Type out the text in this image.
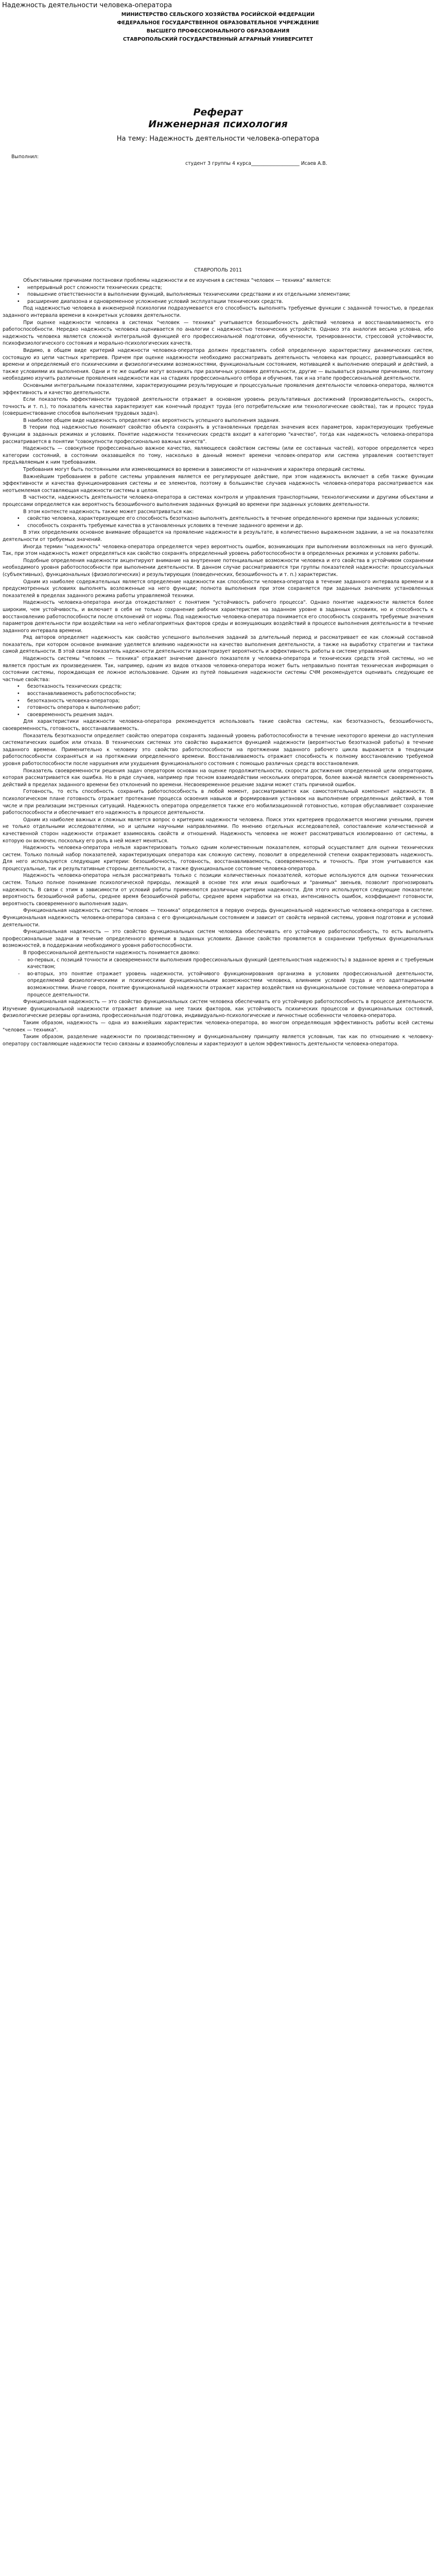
Надежность деятельности человека-оператора
МИНИСТЕРСТВО СЕЛЬСКОГО ХОЗЯЙСТВА РОСИЙСКОЙ ФЕДЕРАЦИИ
ФЕДЕРАЛЬНОЕ ГОСУДАРСТВЕННОЕ ОБРАЗОВАТЕЛЬНОЕ УЧРЕЖДЕНИЕ
ВЫСШЕГО ПРОФЕССИОНАЛЬНОГО ОБРАЗОВАНИЯ
СТАВРОПОЛЬСКИЙ ГОСУДАРСТВЕННЫЙ АГРАРНЫЙ УНИВЕРСИТЕТ
Реферат
Инженерная психология
На тему: Надежность деятельности человека-оператора
Выполнил:
студент 3 группы 4 курса____________________ Исаев А.В.
СТАВРОПОЛЬ 2011

Объективными причинами постановки проблемы надежности и ее изучения в системах "человек — техника" является:

• непрерывный рост сложности технических средств;

• повышение ответственности в выполнении функций, выполняемых техническими средствами и их отдельными элементами;

• расширение диапазона и одновременное усложнение условий эксплуатации технических средств.

Под надежностью человека в инженерной психологии подразумевается его способность выполнять требуемые функции с заданной точностью, в пределах заданного интервала времени в конкретных условиях деятельности.

При оценке надежности человека в системах "человек — техника" учитывается безошибочность действий человека и восстанавливаемость его работоспособности. Нередко надежность человека оценивается по аналогии с надежностью технических устройств. Однако эта аналогия весьма условна, ибо надежность человека является сложной интегральной функцией его профессиональной подготовки, обученности, тренированности, стрессовой устойчивости, психофизиологического состояния и морально-психологических качеств.

Видимо, в общем виде критерий надежности человека-оператора должен представлять собой определенную характеристику динамических систем, состоящую из цепи частных критериев. Причем при оценке надежности необходимо рассматривать деятельность человека как процесс, развертывающийся во времени и определяемый его психическими и физиологическими возможностями, функциональным состоянием, мотивацией к выполнению операций и действий, а также условиями их выполнения. Одни и те же ошибки могут возникать при различных условиях деятельности, другие — вызываться разными причинами, поэтому необходимо изучить различные проявления надежности как на стадиях профессионального отбора и обучения, так и на этапе профессиональной деятельности.

Основными интегральными показателями, характеризующими результирующие и процессуальные проявления деятельности человека-оператора, являются эффективность и качество деятельности.

Если показатель эффективности трудовой деятельности отражает в основном уровень результативных достижений (производительность, скорость, точность и т. п.), то показатель качества характеризует как конечный продукт труда (его потребительские или технологические свойства), так и процесс труда (совершенствование способов выполнения трудовых задач).

В наиболее общем виде надежность определяют как вероятность успешного выполнения задания.

В теории под надежностью понимают свойство объекта сохранять в установленных пределах значения всех параметров, характеризующих требуемые функции в заданных режимах и условиях. Понятие надежности технических средств входит в категорию "качество", тогда как надежность человека-оператора рассматривается в понятии "совокупности профессионально важных качеств".

Надежность — совокупное профессионально важное качество, являющееся свойством системы (или ее составных частей), которое определяется через категории состояний, в состоянии оказавшейся по тому, насколько в данный момент времени человек-оператор или система управления соответствует предъявляемым к ним требованиям.

Требования могут быть постоянными или изменяющимися во времени в зависимости от назначения и характера операций системы.

Важнейшим требованием в работе системы управления является ее регулирующее действие, при этом надежность включает в себя также функции эффективности и качества функционирования системы и ее элементов, поэтому в большинстве случаев надежность человека-оператора рассматривается как неотъемлемая составляющая надежности системы в целом.

В частности, надежность деятельности человека-оператора в системах контроля и управления транспортными, технологическими и другими объектами и процессами определяется как вероятность безошибочного выполнения заданных функций во времени при заданных условиях деятельности.

В этом контексте надежность также может рассматриваться как:

• свойство человека, характеризующее его способность безотказно выполнять деятельность в течение определенного времени при заданных условиях;

• способность сохранять требуемые качества в установленных условиях в течение заданного времени и др.

В этих определениях основное внимание обращается на проявление надежности в результате, в количественно выраженном задании, а не на показателях деятельности от требуемых значений.

Иногда термин "надежность" человека-оператора определяется через вероятность ошибок, возникающих при выполнении возложенных на него функций. Так, при этом надежность может определяться как свойство сохранять определенный уровень работоспособности в определенных режимах и условиях работы.

Подобные определения надежности акцентируют внимание на внутренние потенциальные возможности человека и его свойства в устойчивом сохранении необходимого уровня работоспособности при выполнении деятельности. В данном случае рассматриваются три группы показателей надежности: процессуальных (субъективных), функциональных (физиологических) и результирующих (поведенческих, безошибочность и т. п.) характеристик.

Одним из наиболее содержательных является определение надежности как способности человека-оператора в течение заданного интервала времени и в предусмотренных условиях выполнять возложенные на него функции; полнота выполнения при этом сохраняется при заданных значениях установленных показателей в пределах заданного режима работы управляемой техники.

Надежность человека-оператора иногда отождествляют с понятием "устойчивость рабочего процесса". Однако понятие надежности является более широким, чем устойчивость, и включает в себя не только сохранение рабочих характеристик на заданном уровне в заданных условиях, но и способность к восстановлению работоспособности после отклонений от нормы. Под надежностью человека-оператора понимается его способность сохранять требуемые значения параметров деятельности при воздействии на него неблагоприятных факторов среды и возмущающих воздействий в процессе выполнения деятельности в течение заданного интервала времени.

Ряд авторов определяет надежность как свойство успешного выполнения заданий за длительный период и рассматривает ее как сложный составной показатель, при котором основное внимание уделяется влиянию надежности на качество выполнения деятельности, а также на выработку стратегии и тактики самой деятельности. В этой связи показатель надежности деятельности характеризует вероятность и эффективность работы в системе управления.

Надежность системы "человек — техника" отражает значение данного показателя у человека-оператора и технических средств этой системы, но не является простым их произведением. Так, например, одним из видов отказов человека-оператора может быть неправильно понятая техническая информация о состоянии системы, порождающая ее ложное использование. Одним из путей повышения надежности системы СЧМ рекомендуется оценивать следующие ее частные свойства:

• безотказность технических средств;

• восстанавливаемость работоспособности;

• безотказность человека-оператора;

• готовность оператора к выполнению работ;

• своевременность решения задач.

Для характеристики надежности человека-оператора рекомендуется использовать такие свойства системы, как безотказность, безошибочность, своевременность, готовность, восстанавливаемость.

Показатель безотказности определяет свойство оператора сохранять заданный уровень работоспособности в течение некоторого времени до наступления систематических ошибок или отказа. В технических системах это свойство выражается функцией надежности (вероятностью безотказной работы) в течение заданного времени. Применительно к человеку это свойство работоспособности на протяжении заданного рабочего цикла выражается в тенденции работоспособности сохраняться и на протяжении определенного времени. Восстанавливаемость отражает способность к полному восстановлению требуемой уровня работоспособности после нарушения или ухудшения функционального состояния с помощью различных средств восстановления.

Показатель своевременности решения задач оператором основан на оценке продолжительности, скорости достижения определенной цели операторами, которая рассматривается как ошибка. Но в ряде случаев, например при тесном взаимодействии нескольких операторов, более важной является своевременность действий в пределах заданного времени без отклонений по времени. Несвоевременное решение задачи может стать причиной ошибок.

Готовность, то есть способность сохранить работоспособность в любой момент, рассматривается как самостоятельный компонент надежности. В психологическом плане готовность отражает протекание процесса освоения навыков и формирования установок на выполнение определенных действий, в том числе и при реализации экстренных ситуаций. Надежность оператора определяется также его мобилизационной готовностью, которая обуславливает сохранение работоспособности и обеспечивает его надежность в процессе деятельности.

Одним из наиболее важных и сложных является вопрос о критериях надежности человека. Поиск этих критериев продолжается многими учеными, причем не только отдельными исследователями, но и целыми научными направлениями. По мнению отдельных исследователей, сопоставление количественной и качественной сторон надежности отражает взаимосвязь свойств и отношений. Надежность человека не может рассматриваться изолированно от системы, в которую он включен, поскольку его роль в ней может меняться.

Надежность человека-оператора нельзя характеризовать только одним количественным показателем, который осуществляет для оценки технических систем. Только полный набор показателей, характеризующих оператора как сложную систему, позволит в определенной степени охарактеризовать надежность. Для него используются следующие критерии: безошибочность, готовность, восстанавливаемость, своевременность и точность. При этом учитываются как процессуальные, так и результативные стороны деятельности, а также функциональное состояние человека-оператора.

Надежность человека-оператора нельзя рассматривать только с позиции количественных показателей, которые используются для оценки технических систем. Только полное понимание психологической природы, лежащей в основе тех или иных ошибочных и "ранимых" звеньев, позволит прогнозировать надежность. В связи с этим в зависимости от условий работы применяются различные критерии надежности. Для этого используются следующие показатели: вероятность безошибочной работы, среднее время безошибочной работы, среднее время наработки на отказ, интенсивность ошибок, коэффициент готовности, вероятность своевременного выполнения задач.

Функциональная надежность системы "человек — техника" определяется в первую очередь функциональной надежностью человека-оператора в системе. Функциональная надежность человека-оператора связана с его функциональным состоянием и зависит от свойств нервной системы, уровня подготовки и условий деятельности.

Функциональная надежность — это свойство функциональных систем человека обеспечивать его устойчивую работоспособность, то есть выполнять профессиональные задачи в течение определенного времени в заданных условиях. Данное свойство проявляется в сохранении требуемых функциональных возможностей, в поддержании необходимого уровня работоспособности.

В профессиональной деятельности надежность понимается двояко:

- во-первых, с позиций точности и своевременности выполнения профессиональных функций (деятельностная надежность) в заданное время и с требуемым качеством;

- во-вторых, это понятие отражает уровень надежности, устойчивого функционирования организма в условиях профессиональной деятельности, определяемой физиологическими и психическими функциональными возможностями человека, влиянием условий труда и его адаптационными возможностями. Иначе говоря, понятие функциональной надежности отражает характер воздействия на функциональное состояние человека-оператора в процессе деятельности.

Функциональная надежность — это свойство функциональных систем человека обеспечивать его устойчивую работоспособность в процессе деятельности. Изучение функциональной надежности отражает влияние на нее таких факторов, как устойчивость психических процессов и функциональных состояний, физиологические резервы организма, профессиональная подготовка, индивидуально-психологические и личностные особенности человека-оператора.

Таким образом, надежность — одна из важнейших характеристик человека-оператора, во многом определяющая эффективность работы всей системы "человек — техника".

Таким образом, разделение надежности по производственному и функциональному принципу является условным, так как по отношению к человеку-оператору составляющие надежности тесно связаны и взаимообусловлены и характеризуют в целом эффективность деятельности человека-оператора.
